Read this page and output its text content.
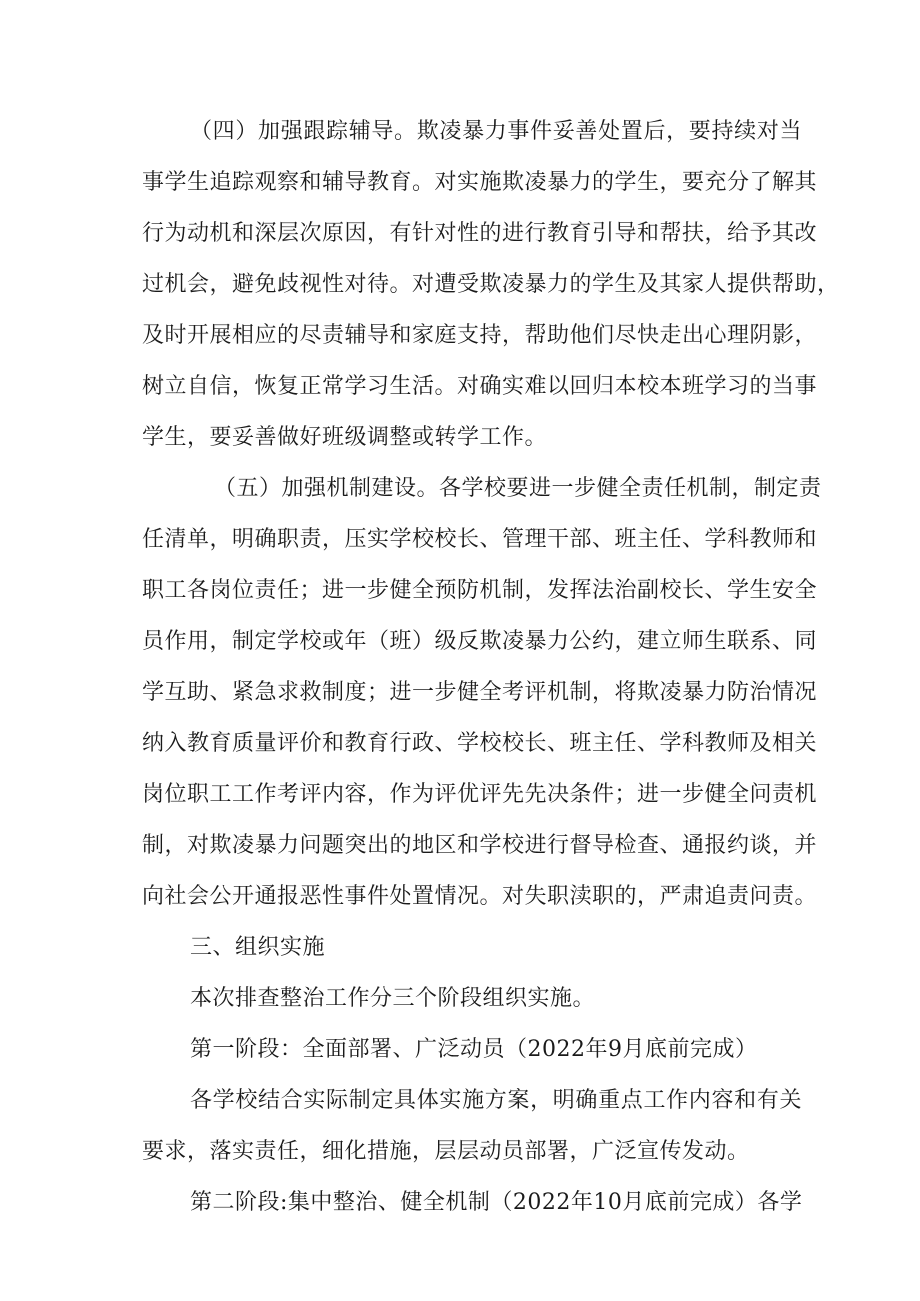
（四）加强跟踪辅导。欺凌暴力事件妥善处置后，要持续对当

事学生追踪观察和辅导教育。对实施欺凌暴力的学生，要充分了解其

行为动机和深层次原因，有针对性的进行教育引导和帮扶，给予其改

过机会，避免歧视性对待。对遭受欺凌暴力的学生及其家人提供帮助，

及时开展相应的尽责辅导和家庭支持，帮助他们尽快走出心理阴影，

树立自信，恢复正常学习生活。对确实难以回归本校本班学习的当事

学生，要妥善做好班级调整或转学工作。

（五）加强机制建设。各学校要进一步健全责任机制，制定责

任清单，明确职责，压实学校校长、管理干部、班主任、学科教师和

职工各岗位责任；进一步健全预防机制，发挥法治副校长、学生安全

员作用，制定学校或年（班）级反欺凌暴力公约，建立师生联系、同

学互助、紧急求救制度；进一步健全考评机制，将欺凌暴力防治情况

纳入教育质量评价和教育行政、学校校长、班主任、学科教师及相关

岗位职工工作考评内容，作为评优评先先决条件；进一步健全问责机

制，对欺凌暴力问题突出的地区和学校进行督导检查、通报约谈，并

向社会公开通报恶性事件处置情况。对失职渎职的，严肃追责问责。

三、组织实施

本次排查整治工作分三个阶段组织实施。

第一阶段：全面部署、广泛动员（2022年9月底前完成）

各学校结合实际制定具体实施方案，明确重点工作内容和有关

要求，落实责任，细化措施，层层动员部署，广泛宣传发动。

第二阶段:集中整治、健全机制（2022年10月底前完成）各学
